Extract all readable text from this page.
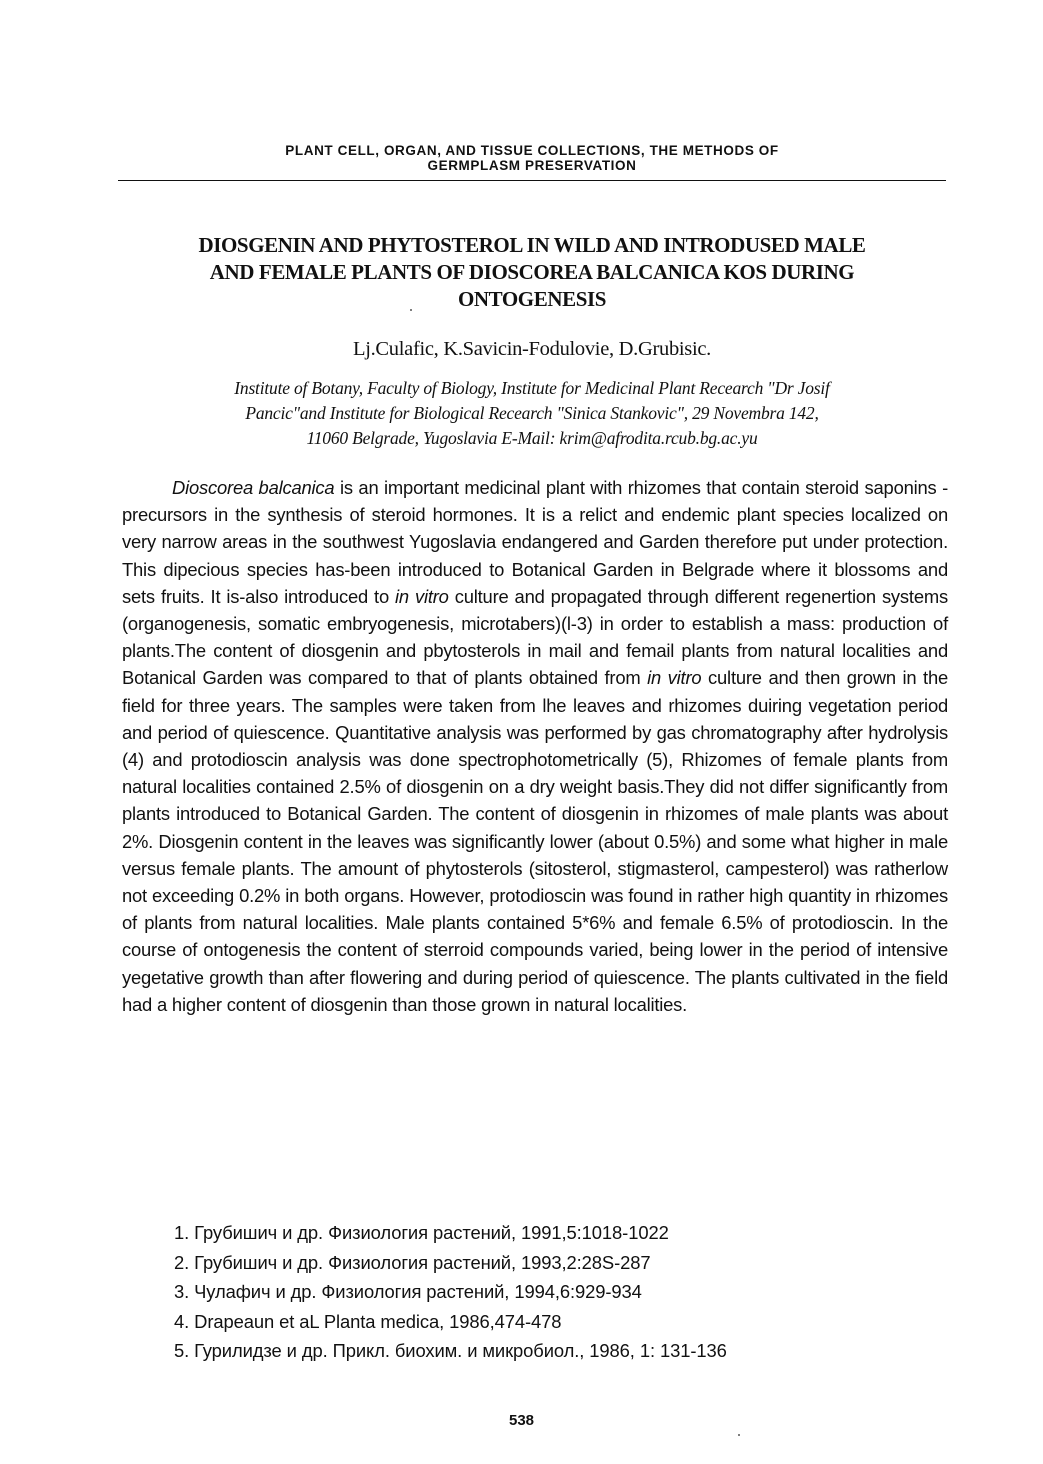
PLANT CELL, ORGAN, AND TISSUE COLLECTIONS, THE METHODS OF
GERMPLASM PRESERVATION
DIOSGENIN AND PHYTOSTEROL IN WILD AND INTRODUSED MALE
AND FEMALE PLANTS OF DIOSCOREA BALCANICA KOS DURING
ONTOGENESIS
Lj.Culafic, K.Savicin-Fodulovie, D.Grubisic.
Institute of Botany, Faculty of Biology, Institute for Medicinal Plant Recearch "Dr Josif
Pancic"and Institute for Biological Recearch "Sinica Stankovic", 29 Novembra 142,
11060 Belgrade, Yugoslavia E-Mail: krim@afrodita.rcub.bg.ac.yu

Dioscorea balcanica is an important medicinal plant with rhizomes that contain steroid saponins - precursors in the synthesis of steroid hormones. It is a relict and endemic plant species localized on very narrow areas in the southwest Yugoslavia endangered and Garden therefore put under protection. This dipecious species has-been introduced to Botanical Garden in Belgrade where it blossoms and sets fruits. It is-also introduced to in vitro culture and propagated through different regenertion systems (organogenesis, somatic embryogenesis, microtabers)(l-3) in order to establish a mass: production of plants.The content of diosgenin and pbytosterols in mail and femail plants from natural localities and Botanical Garden was compared to that of plants obtained from in vitro culture and then grown in the field for three years. The samples were taken from lhe leaves and rhizomes duiring vegetation period and period of quiescence. Quantitative analysis was performed by gas chromatography after hydrolysis (4) and protodioscin analysis was done spectrophotometrically (5), Rhizomes of female plants from natural localities contained 2.5% of diosgenin on a dry weight basis.They did not differ significantly from plants introduced to Botanical Garden. The content of diosgenin in rhizomes of male plants was about 2%. Diosgenin content in the leaves was significantly lower (about 0.5%) and some what higher in male versus female plants. The amount of phytosterols (sitosterol, stigmasterol, campesterol) was ratherlow not exceeding 0.2% in both organs. However, protodioscin was found in rather high quantity in rhizomes of plants from natural localities. Male plants contained 5*6% and female 6.5% of protodioscin. In the course of ontogenesis the content of sterroid compounds varied, being lower in the period of intensive yegetative growth than after flowering and during period of quiescence. The plants cultivated in the field had a higher content of diosgenin than those grown in natural localities.

1. Грубишич и др. Физиология растений, 1991,5:1018-1022
2. Грубишич и др. Физиология растений, 1993,2:28S-287
3. Чулафич и др. Физиология растений, 1994,6:929-934
4. Drapeaun et aL Planta medica, 1986,474-478
5. Гурилидзе и др. Прикл. биохим. и микробиол., 1986, 1: 131-136
538
